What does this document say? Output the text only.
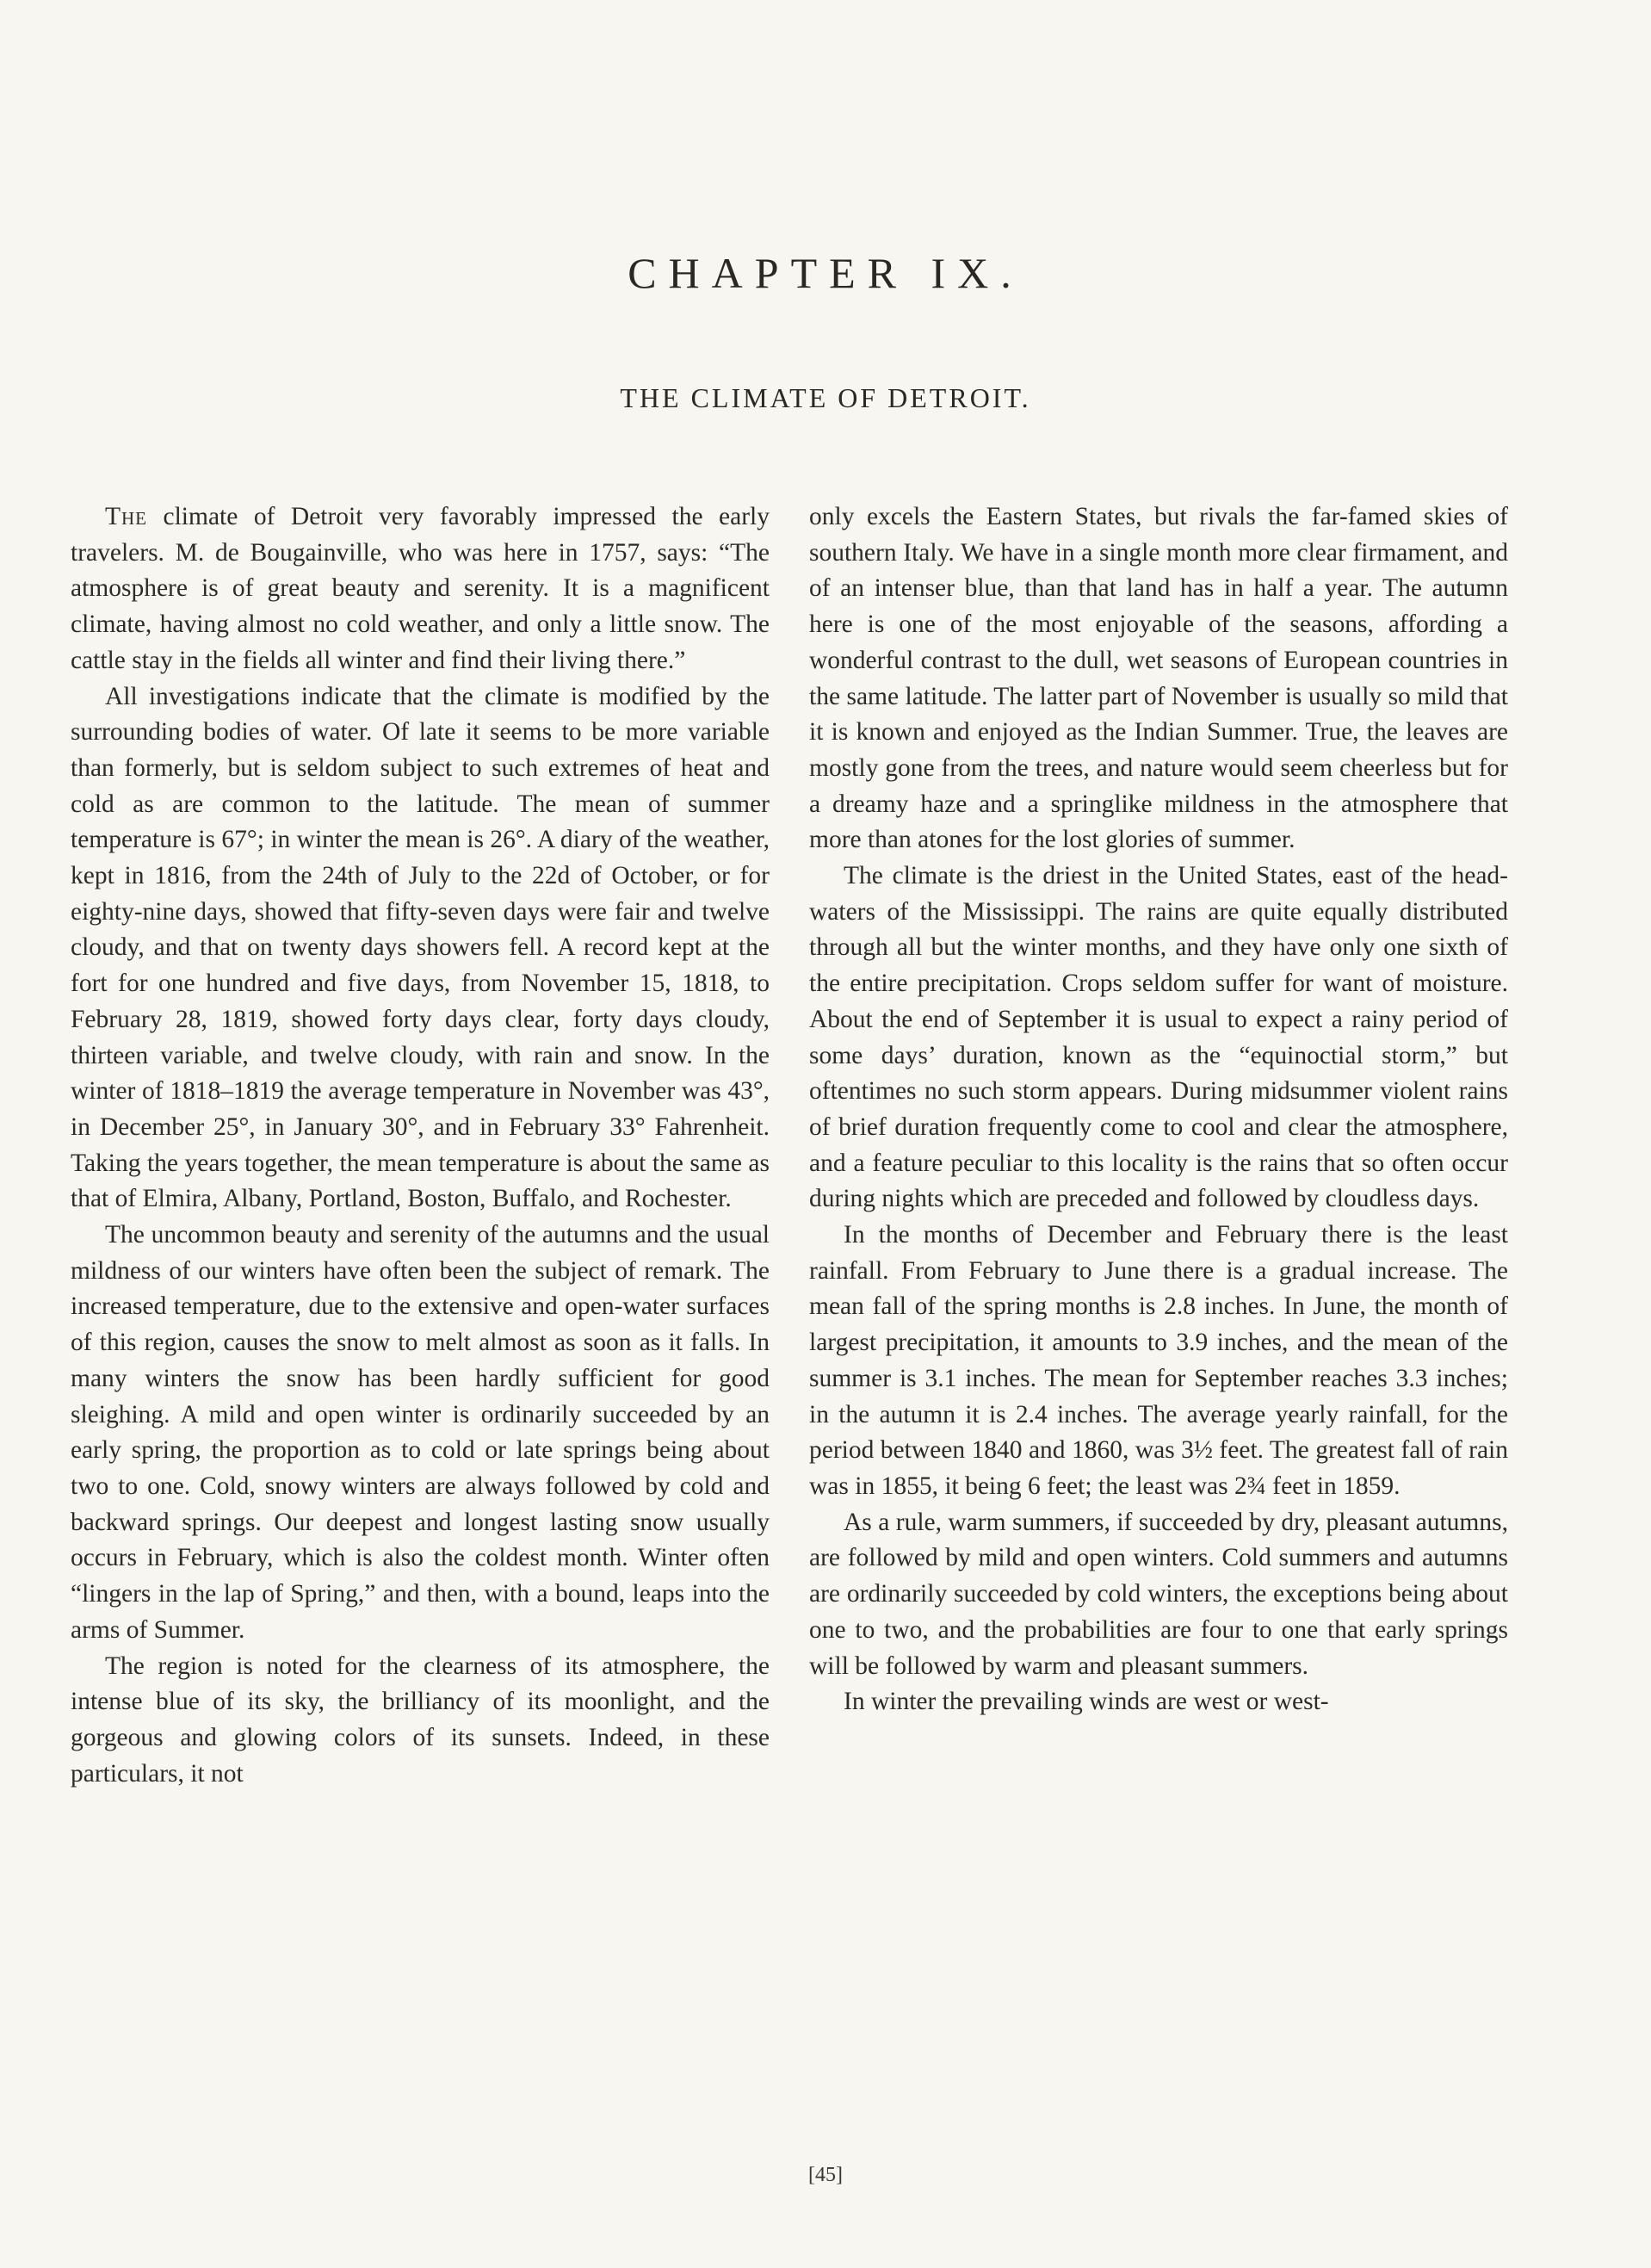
CHAPTER IX.
THE CLIMATE OF DETROIT.

The climate of Detroit very favorably impressed the early travelers. M. de Bougainville, who was here in 1757, says: “The atmosphere is of great beauty and serenity. It is a magnificent climate, having almost no cold weather, and only a little snow. The cattle stay in the fields all winter and find their living there.”

All investigations indicate that the climate is modified by the surrounding bodies of water. Of late it seems to be more variable than formerly, but is seldom subject to such extremes of heat and cold as are common to the latitude. The mean of summer temperature is 67°; in winter the mean is 26°. A diary of the weather, kept in 1816, from the 24th of July to the 22d of October, or for eighty-nine days, showed that fifty-seven days were fair and twelve cloudy, and that on twenty days showers fell. A record kept at the fort for one hundred and five days, from November 15, 1818, to February 28, 1819, showed forty days clear, forty days cloudy, thirteen variable, and twelve cloudy, with rain and snow. In the winter of 1818–1819 the average temperature in November was 43°, in December 25°, in January 30°, and in February 33° Fahrenheit. Taking the years together, the mean temperature is about the same as that of Elmira, Albany, Portland, Boston, Buffalo, and Rochester.

The uncommon beauty and serenity of the autumns and the usual mildness of our winters have often been the subject of remark. The increased temperature, due to the extensive and open-water surfaces of this region, causes the snow to melt almost as soon as it falls. In many winters the snow has been hardly sufficient for good sleighing. A mild and open winter is ordinarily succeeded by an early spring, the proportion as to cold or late springs being about two to one. Cold, snowy winters are always followed by cold and backward springs. Our deepest and longest lasting snow usually occurs in February, which is also the coldest month. Winter often “lingers in the lap of Spring,” and then, with a bound, leaps into the arms of Summer.

The region is noted for the clearness of its atmosphere, the intense blue of its sky, the brilliancy of its moonlight, and the gorgeous and glowing colors of its sunsets. Indeed, in these particulars, it not

only excels the Eastern States, but rivals the far-famed skies of southern Italy. We have in a single month more clear firmament, and of an intenser blue, than that land has in half a year. The autumn here is one of the most enjoyable of the seasons, affording a wonderful contrast to the dull, wet seasons of European countries in the same latitude. The latter part of November is usually so mild that it is known and enjoyed as the Indian Summer. True, the leaves are mostly gone from the trees, and nature would seem cheerless but for a dreamy haze and a springlike mildness in the atmosphere that more than atones for the lost glories of summer.

The climate is the driest in the United States, east of the head-waters of the Mississippi. The rains are quite equally distributed through all but the winter months, and they have only one sixth of the entire precipitation. Crops seldom suffer for want of moisture. About the end of September it is usual to expect a rainy period of some days’ duration, known as the “equinoctial storm,” but oftentimes no such storm appears. During midsummer violent rains of brief duration frequently come to cool and clear the atmosphere, and a feature peculiar to this locality is the rains that so often occur during nights which are preceded and followed by cloudless days.

In the months of December and February there is the least rainfall. From February to June there is a gradual increase. The mean fall of the spring months is 2.8 inches. In June, the month of largest precipitation, it amounts to 3.9 inches, and the mean of the summer is 3.1 inches. The mean for September reaches 3.3 inches; in the autumn it is 2.4 inches. The average yearly rainfall, for the period between 1840 and 1860, was 3½ feet. The greatest fall of rain was in 1855, it being 6 feet; the least was 2¾ feet in 1859.

As a rule, warm summers, if succeeded by dry, pleasant autumns, are followed by mild and open winters. Cold summers and autumns are ordinarily succeeded by cold winters, the exceptions being about one to two, and the probabilities are four to one that early springs will be followed by warm and pleasant summers.

In winter the prevailing winds are west or west-

[45]
